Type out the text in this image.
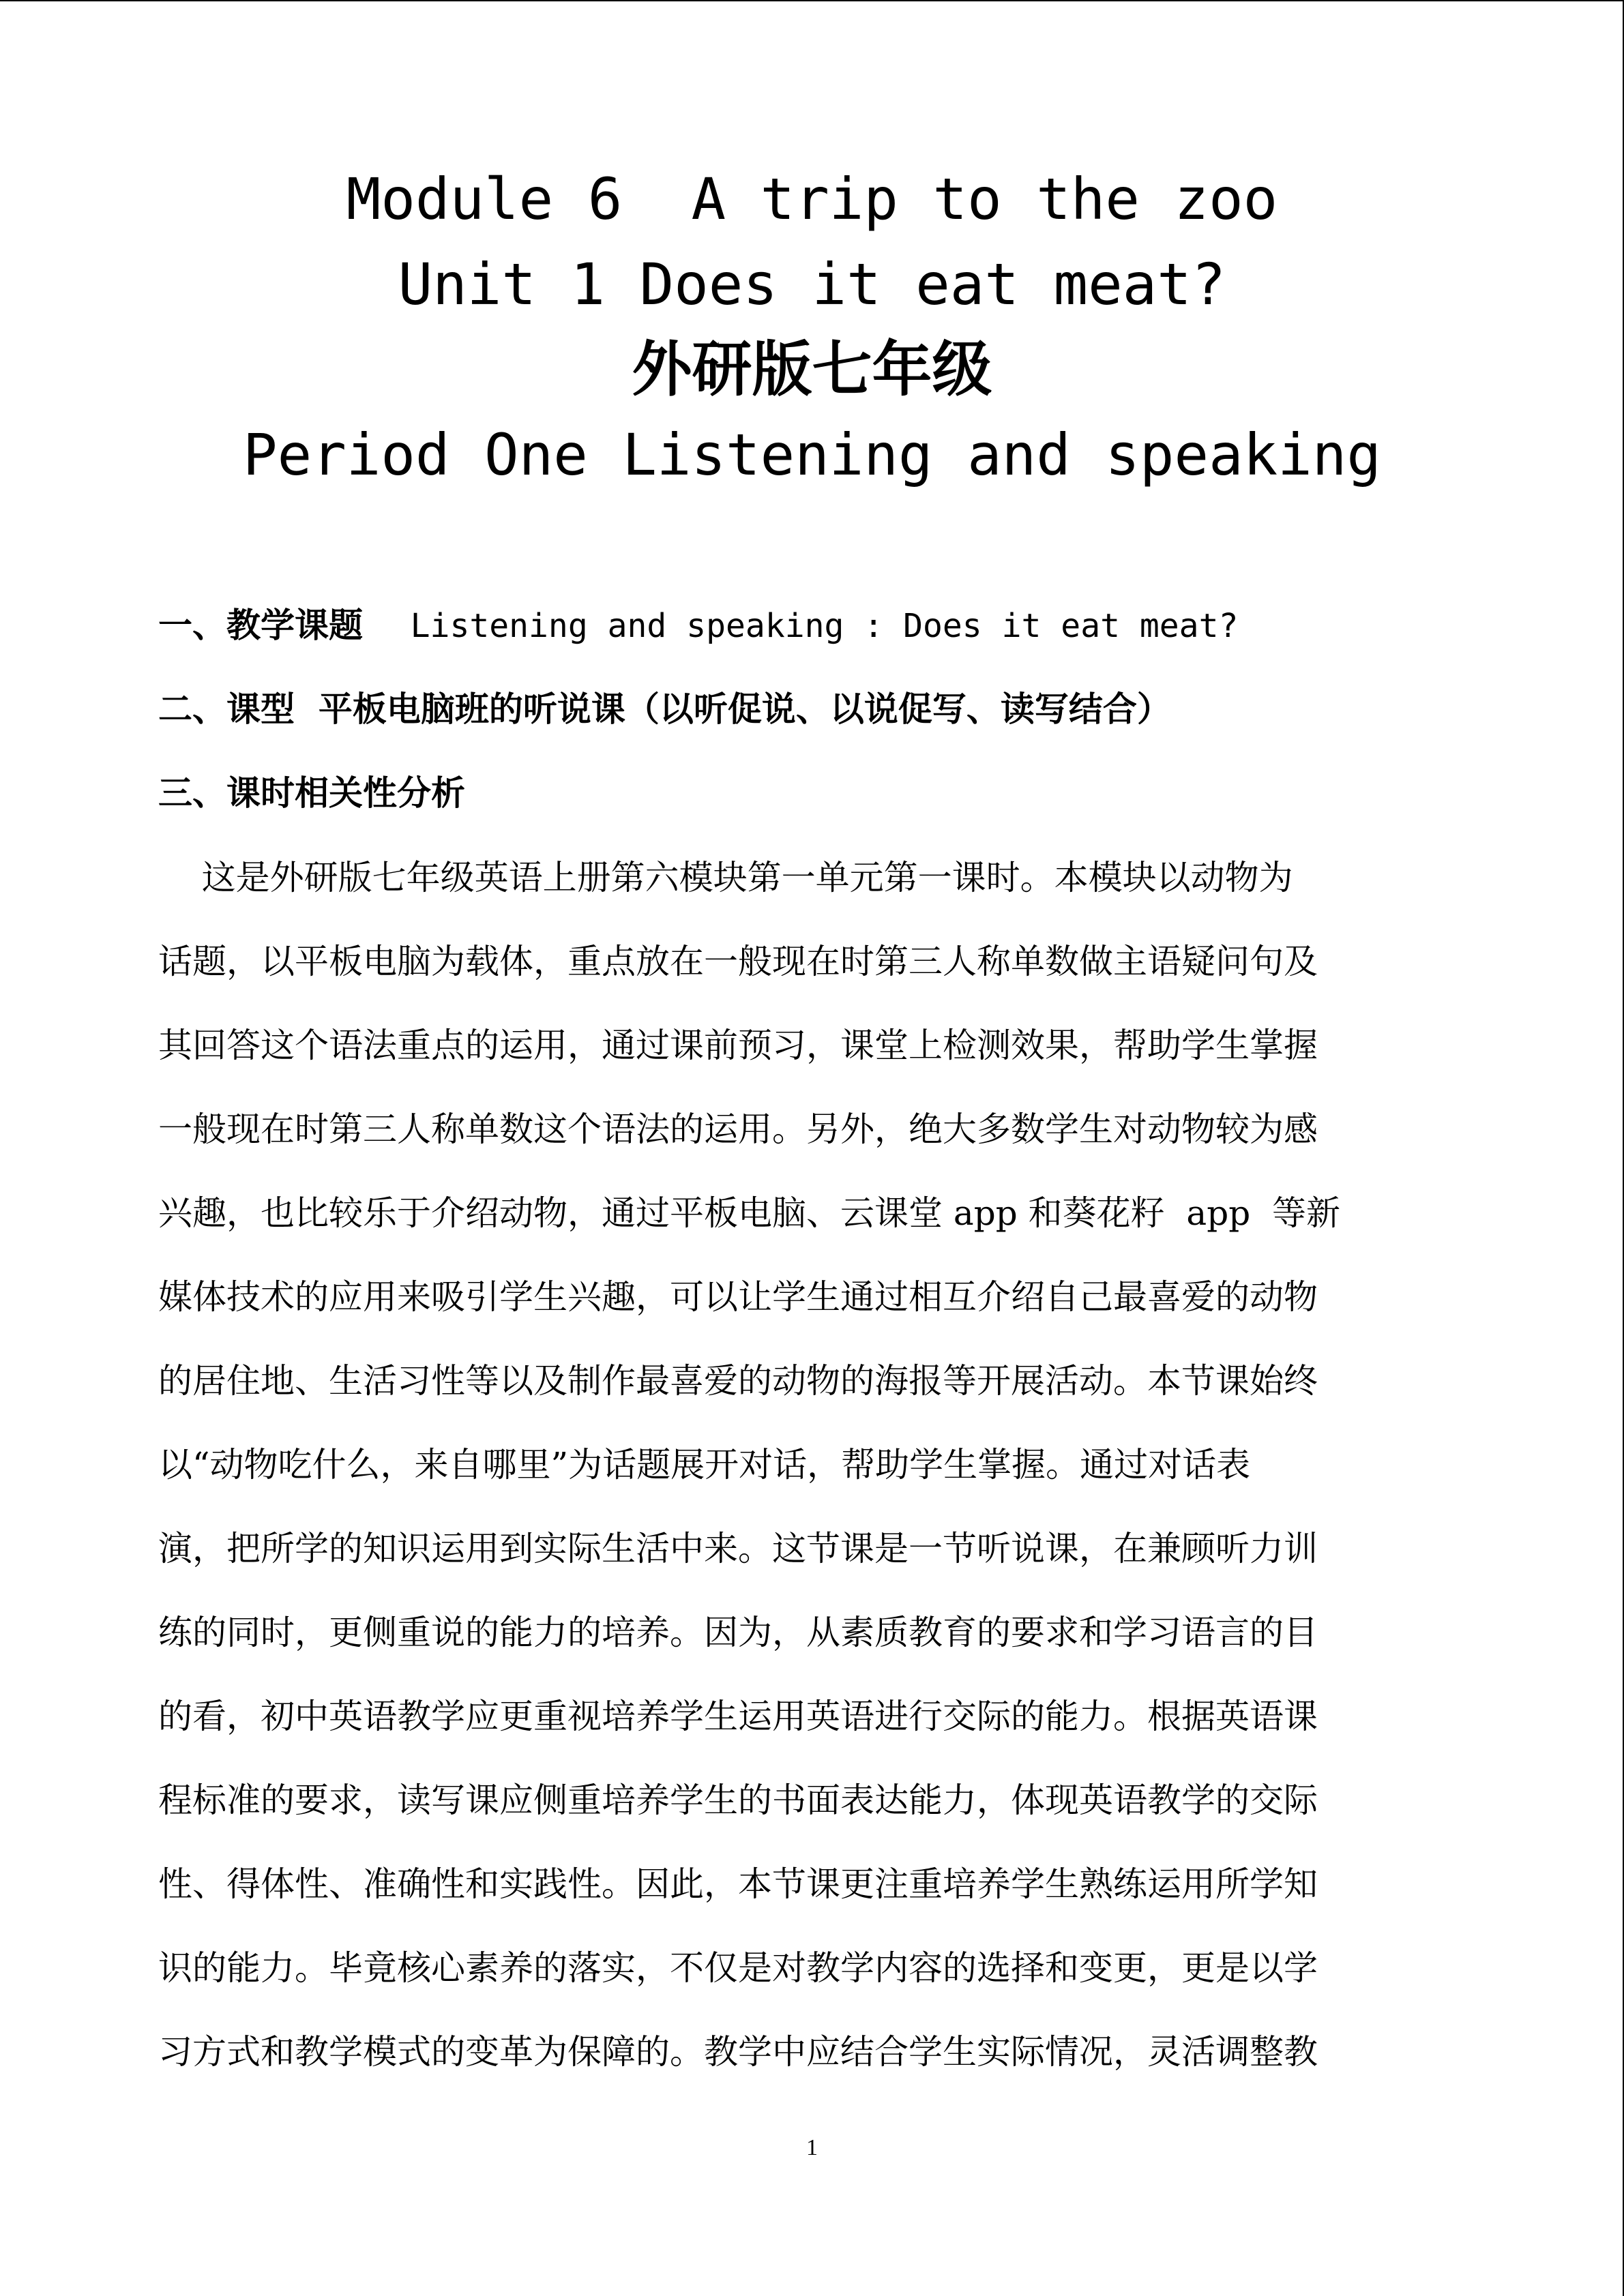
Module 6  A trip to the zoo
Unit 1 Does it eat meat?
外研版七年级
Period One Listening and speaking
一、教学课题 Listening and speaking : Does it eat meat?
二、课型 平板电脑班的听说课（以听促说、以说促写、读写结合）
三、课时相关性分析
这是外研版七年级英语上册第六模块第一单元第一课时。本模块以动物为
话题，以平板电脑为载体，重点放在一般现在时第三人称单数做主语疑问句及
其回答这个语法重点的运用，通过课前预习，课堂上检测效果，帮助学生掌握
一般现在时第三人称单数这个语法的运用。另外，绝大多数学生对动物较为感
兴趣，也比较乐于介绍动物，通过平板电脑、云课堂 app 和葵花籽  app  等新
媒体技术的应用来吸引学生兴趣，可以让学生通过相互介绍自己最喜爱的动物
的居住地、生活习性等以及制作最喜爱的动物的海报等开展活动。本节课始终
以“动物吃什么，来自哪里”为话题展开对话，帮助学生掌握。通过对话表
演，把所学的知识运用到实际生活中来。这节课是一节听说课，在兼顾听力训
练的同时，更侧重说的能力的培养。因为，从素质教育的要求和学习语言的目
的看，初中英语教学应更重视培养学生运用英语进行交际的能力。根据英语课
程标准的要求，读写课应侧重培养学生的书面表达能力，体现英语教学的交际
性、得体性、准确性和实践性。因此，本节课更注重培养学生熟练运用所学知
识的能力。毕竟核心素养的落实，不仅是对教学内容的选择和变更，更是以学
习方式和教学模式的变革为保障的。教学中应结合学生实际情况，灵活调整教
1
